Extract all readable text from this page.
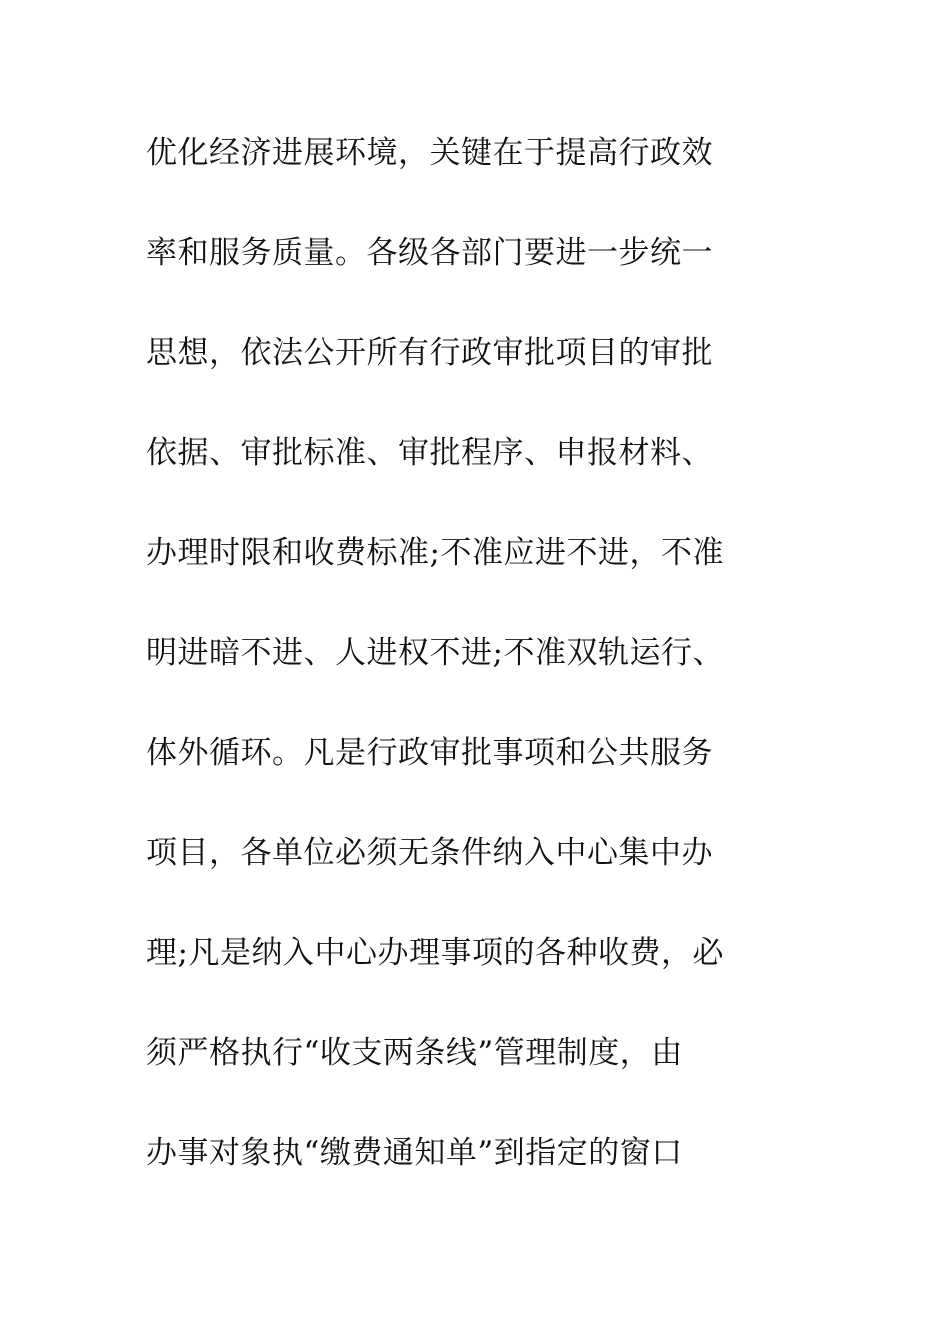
优化经济进展环境，关键在于提高行政效
率和服务质量。各级各部门要进一步统一
思想，依法公开所有行政审批项目的审批
依据、审批标准、审批程序、申报材料、
办理时限和收费标准;不准应进不进，不准
明进暗不进、人进权不进;不准双轨运行、
体外循环。凡是行政审批事项和公共服务
项目，各单位必须无条件纳入中心集中办
理;凡是纳入中心办理事项的各种收费，必
须严格执行“收支两条线”管理制度，由
办事对象执“缴费通知单”到指定的窗口
